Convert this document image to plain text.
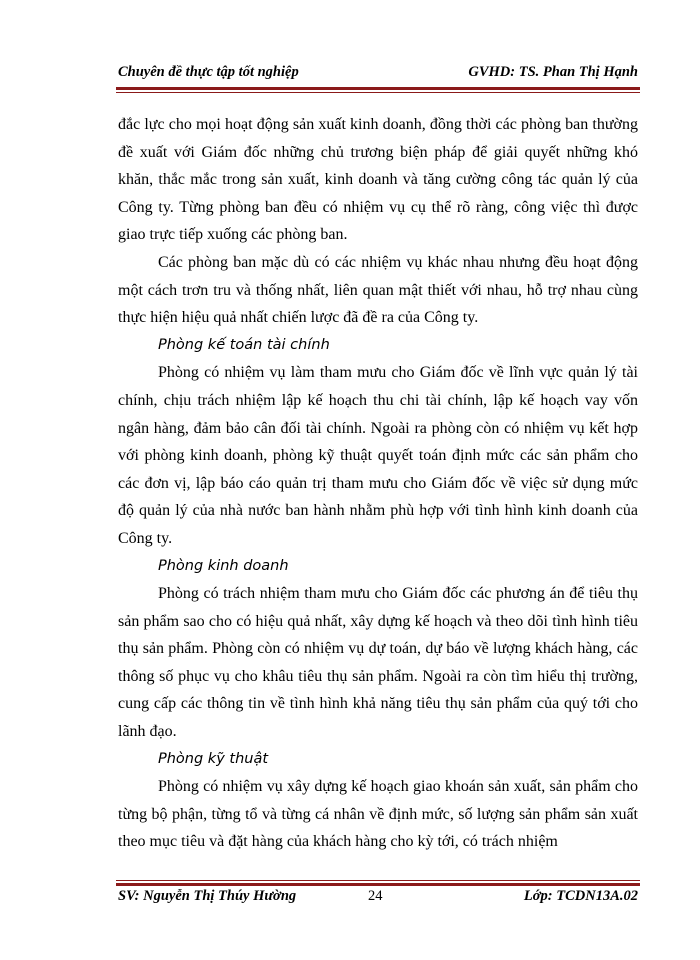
Chuyên đề thực tập tốt nghiệp	GVHD: TS. Phan Thị Hạnh

đắc lực cho mọi hoạt động sản xuất kinh doanh, đồng thời các phòng ban thường đề xuất với Giám đốc những chủ trương biện pháp để giải quyết những khó khăn, thắc mắc trong sản xuất, kinh doanh và tăng cường công tác quản lý của Công ty. Từng phòng ban đều có nhiệm vụ cụ thể rõ ràng, công việc thì được giao trực tiếp xuống các phòng ban.

Các phòng ban mặc dù có các nhiệm vụ khác nhau nhưng đều hoạt động một cách trơn tru và thống nhất, liên quan mật thiết với nhau, hỗ trợ nhau cùng thực hiện hiệu quả nhất chiến lược đã đề ra của Công ty.

Phòng kế toán tài chính

Phòng có nhiệm vụ làm tham mưu cho Giám đốc về lĩnh vực quản lý tài chính, chịu trách nhiệm lập kế hoạch thu chi tài chính, lập kế hoạch vay vốn ngân hàng, đảm bảo cân đối tài chính. Ngoài ra phòng còn có nhiệm vụ kết hợp với phòng kinh doanh, phòng kỹ thuật quyết toán định mức các sản phẩm cho các đơn vị, lập báo cáo quản trị tham mưu cho Giám đốc về việc sử dụng mức độ quản lý của nhà nước ban hành nhằm phù hợp với tình hình kinh doanh của Công ty.

Phòng kinh doanh

Phòng có trách nhiệm tham mưu cho Giám đốc các phương án để tiêu thụ sản phẩm sao cho có hiệu quả nhất, xây dựng kế hoạch và theo dõi tình hình tiêu thụ sản phẩm. Phòng còn có nhiệm vụ dự toán, dự báo về lượng khách hàng, các thông số phục vụ cho khâu tiêu thụ sản phẩm. Ngoài ra còn tìm hiểu thị trường, cung cấp các thông tin về tình hình khả năng tiêu thụ sản phẩm của quý tới cho lãnh đạo.

Phòng kỹ thuật

Phòng có nhiệm vụ xây dựng kế hoạch giao khoán sản xuất, sản phẩm cho từng bộ phận, từng tổ và từng cá nhân về định mức, số lượng sản phẩm sản xuất theo mục tiêu và đặt hàng của khách hàng cho kỳ tới, có trách nhiệm

SV: Nguyễn Thị Thúy Hường	24	Lớp: TCDN13A.02
